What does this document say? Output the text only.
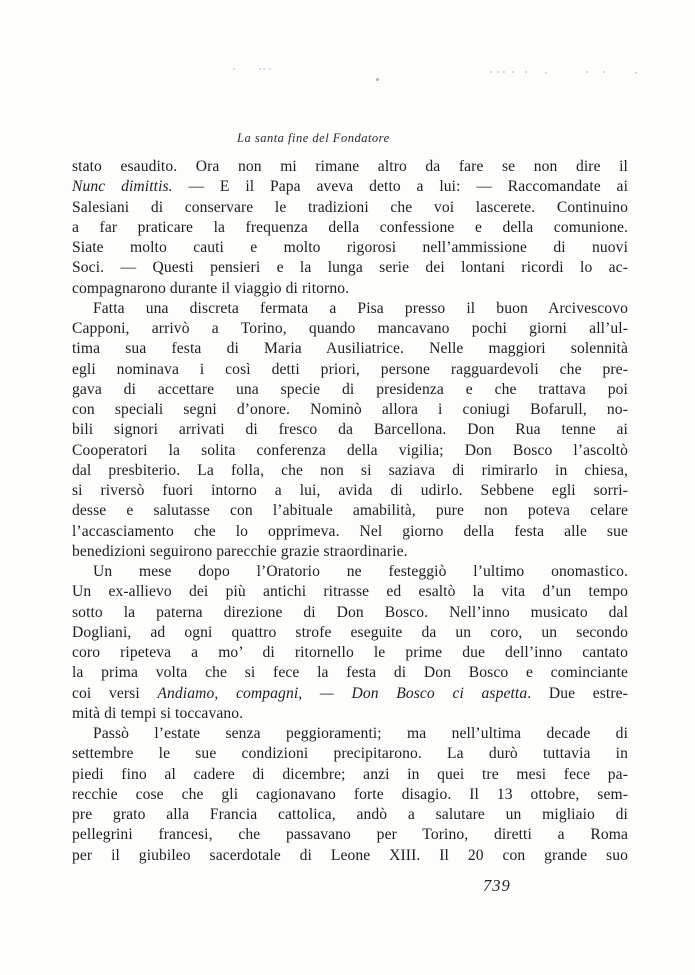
La santa fine del Fondatore
stato esaudito. Ora non mi rimane altro da fare se non dire il
Nunc dimittis. — E il Papa aveva detto a lui: — Raccomandate ai
Salesiani di conservare le tradizioni che voi lascerete. Continuino
a far praticare la frequenza della confessione e della comunione.
Siate molto cauti e molto rigorosi nell’ammissione di nuovi
Soci. — Questi pensieri e la lunga serie dei lontani ricordi lo ac-
compagnarono durante il viaggio di ritorno.
Fatta una discreta fermata a Pisa presso il buon Arcivescovo
Capponi, arrivò a Torino, quando mancavano pochi giorni all’ul-
tima sua festa di Maria Ausiliatrice. Nelle maggiori solennità
egli nominava i così detti priori, persone ragguardevoli che pre-
gava di accettare una specie di presidenza e che trattava poi
con speciali segni d’onore. Nominò allora i coniugi Bofarull, no-
bili signori arrivati di fresco da Barcellona. Don Rua tenne ai
Cooperatori la solita conferenza della vigilia; Don Bosco l’ascoltò
dal presbiterio. La folla, che non si saziava di rimirarlo in chiesa,
si riversò fuori intorno a lui, avida di udirlo. Sebbene egli sorri-
desse e salutasse con l’abituale amabilità, pure non poteva celare
l’accasciamento che lo opprimeva. Nel giorno della festa alle sue
benedizioni seguirono parecchie grazie straordinarie.
Un mese dopo l’Oratorio ne festeggiò l’ultimo onomastico.
Un ex-allievo dei più antichi ritrasse ed esaltò la vita d’un tempo
sotto la paterna direzione di Don Bosco. Nell’inno musicato dal
Dogliani, ad ogni quattro strofe eseguite da un coro, un secondo
coro ripeteva a mo’ di ritornello le prime due dell’inno cantato
la prima volta che si fece la festa di Don Bosco e cominciante
coi versi Andiamo, compagni, — Don Bosco ci aspetta. Due estre-
mità di tempi si toccavano.
Passò l’estate senza peggioramenti; ma nell’ultima decade di
settembre le sue condizioni precipitarono. La durò tuttavia in
piedi fino al cadere di dicembre; anzi in quei tre mesi fece pa-
recchie cose che gli cagionavano forte disagio. Il 13 ottobre, sem-
pre grato alla Francia cattolica, andò a salutare un migliaio di
pellegrini francesi, che passavano per Torino, diretti a Roma
per il giubileo sacerdotale di Leone XIII. Il 20 con grande suo
739
